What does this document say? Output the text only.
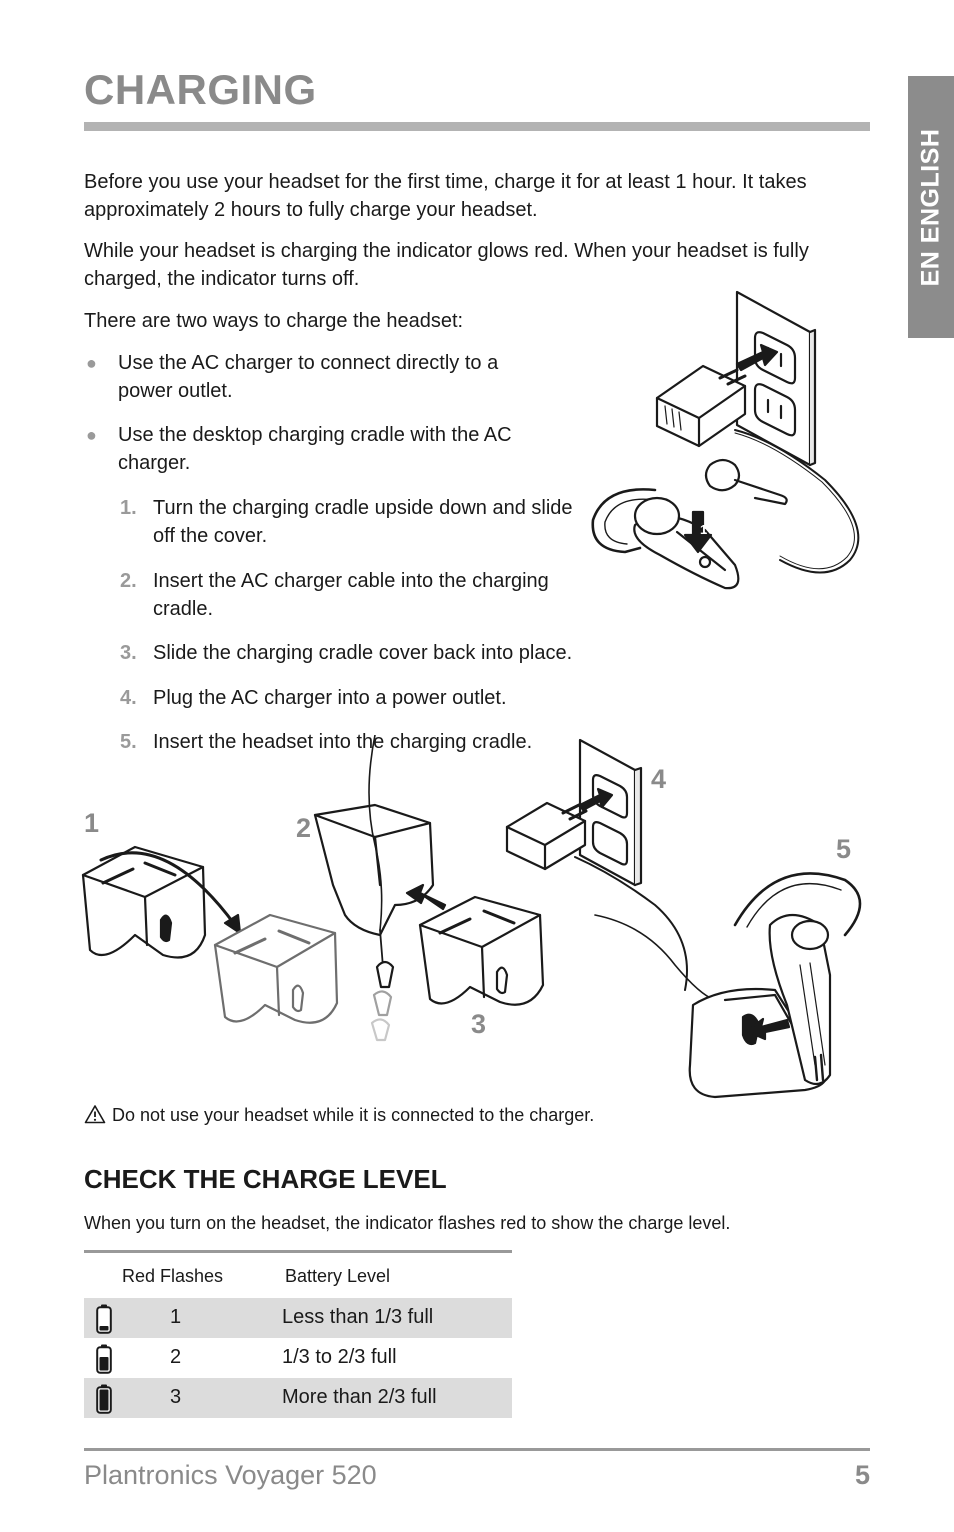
CHARGING
EN ENGLISH

Before you use your headset for the first time, charge it for at least 1 hour. It takes approximately 2 hours to fully charge your headset.

While your headset is charging the indicator glows red. When your headset is fully charged, the indicator turns off.

There are two ways to charge the headset:

● Use the AC charger to connect directly to a power outlet.
● Use the desktop charging cradle with the AC charger.
1. Turn the charging cradle upside down and slide off the cover.
2. Insert the AC charger cable into the charging cradle.
3. Slide the charging cradle cover back into place.
4. Plug the AC charger into a power outlet.
5. Insert the headset into the charging cradle.
1
1	2
3
4
5
Do not use your headset while it is connected to the charger.
CHECK THE CHARGE LEVEL

When you turn on the headset, the indicator flashes red to show the charge level.

Red Flashes	Battery Level
1	Less than 1/3 full
2	1/3 to 2/3 full
3	More than 2/3 full
Plantronics Voyager 520	5
